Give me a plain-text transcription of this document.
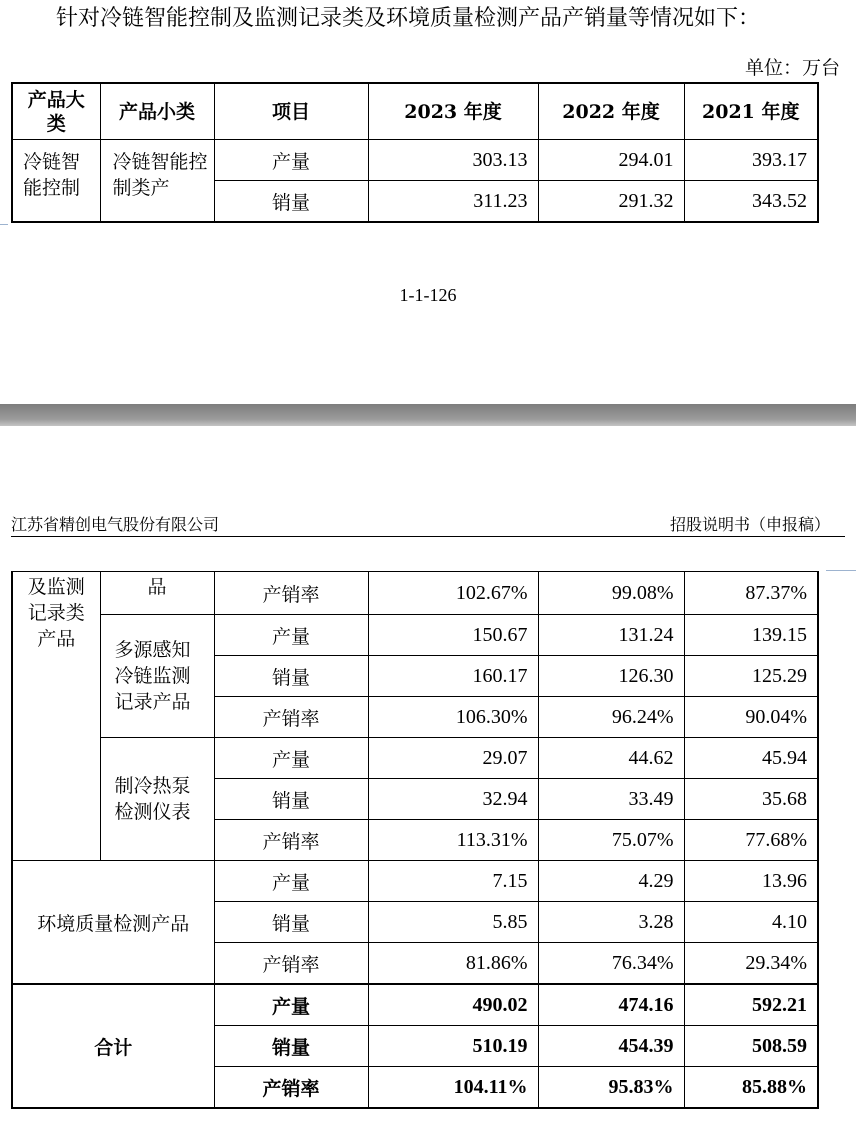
针对冷链智能控制及监测记录类及环境质量检测产品产销量等情况如下：
单位：万台
产品大类	产品小类	项目	2023 年度	2022 年度	2021 年度
冷链智能控制	冷链智能控制类产	产量	303.13	294.01	393.17
		销量	311.23	291.32	343.52
1-1-126
江苏省精创电气股份有限公司	招股说明书（申报稿）
及监测记录类产品	品	产销率	102.67%	99.08%	87.37%
	多源感知冷链监测记录产品	产量	150.67	131.24	139.15
		销量	160.17	126.30	125.29
		产销率	106.30%	96.24%	90.04%
	制冷热泵检测仪表	产量	29.07	44.62	45.94
		销量	32.94	33.49	35.68
		产销率	113.31%	75.07%	77.68%
环境质量检测产品		产量	7.15	4.29	13.96
		销量	5.85	3.28	4.10
		产销率	81.86%	76.34%	29.34%
合计		产量	490.02	474.16	592.21
		销量	510.19	454.39	508.59
		产销率	104.11%	95.83%	85.88%
